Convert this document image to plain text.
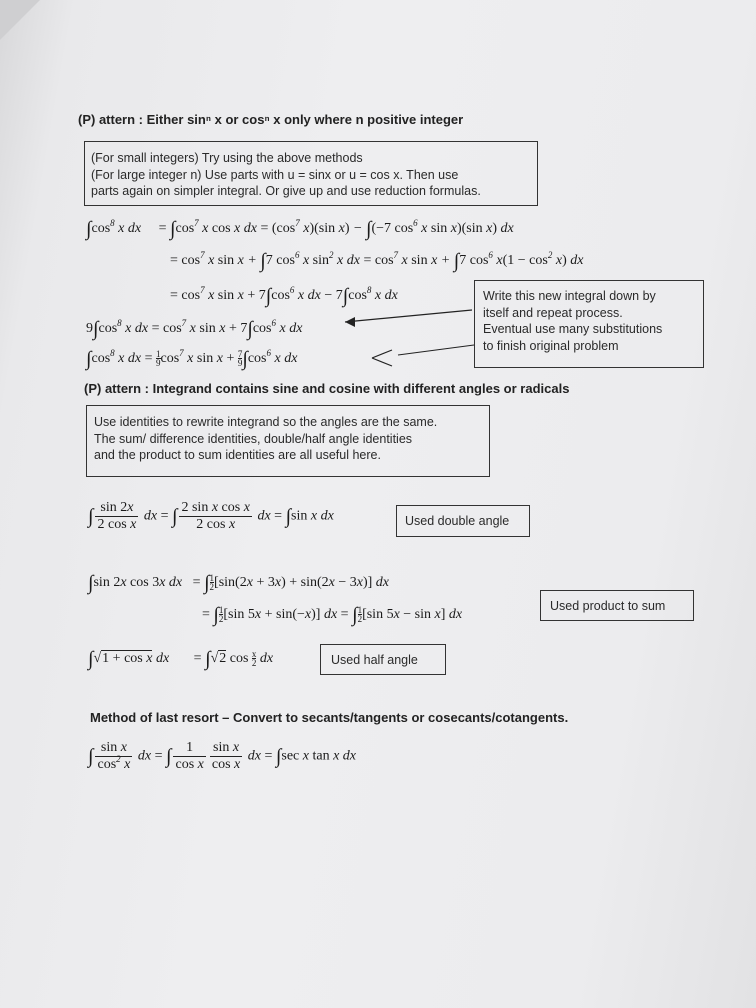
(P) attern : Either sinⁿ x or cosⁿ x only where n positive integer
(For small integers) Try using the above methods
(For large integer n) Use parts with u = sinx or u = cos x. Then use
parts again on simpler integral. Or give up and use reduction formulas.
$\int\cos^8$ x dx     = $\int\cos^7$ x cos x dx = ($\cos^7$ x)(sin x) − ∫(−7 $\cos^6 x$ sin x)(sin x) dx
= $\cos^7 x$ sin x + ∫7 $\cos^6 x$ $\sin^2 x$ dx = $\cos^7 x$ sin x + ∫7 $\cos^6 x(1 - \cos^2 x)$ dx
= $\cos^7 x$ $\sin x + 7\int\cos^6$ x dx − $7\int\cos^8$ x dx
$9\int\cos^8$ x dx = $\cos^7 x$ $\sin x + 7\int\cos^6$ x dx
$\int\cos^8$ x dx = $\frac{1}{9} \cos^7 x$ $\sin x + \frac{7}{9} \int\cos^6$ x dx
Write this new integral down by
itself and repeat process.
Eventual use many substitutions
to finish original problem
(P) attern : Integrand contains sine and cosine with different angles or radicals
Use identities to rewrite integrand so the angles are the same.
The sum/ difference identities, double/half angle identities
and the product to sum identities are all useful here.
∫ $\frac{\sin 2x}{\text{2 cos x}}$ dx = ∫ $\frac{\text{2 sin x cos x}}{\text{2 cos x}}$ dx = ∫sin x dx	Used double angle
∫sin 2x cos 3x dx   = ∫ $\frac{1}{2} [\sin(2x + 3x) + \sin(2x - 3x)]$ dx
= ∫ $\frac{1}{2} [\sin$ 5x + sin(−x)] dx = ∫ $\frac{1}{2} [\sin$ 5x − sin x] dx
Used product to sum
∫√1 + cos x dx       = ∫√2 $\cos \frac{x}{2}$ dx	Used half angle
Method of last resort – Convert to secants/tangents or cosecants/cotangents.
∫ $\frac{\text{sin x}}{\cos^2 x}$ dx = ∫ $\frac{1}{\text{cos x}} \frac{\text{sin x}}{\text{cos x}}$ dx = ∫sec x tan x dx
